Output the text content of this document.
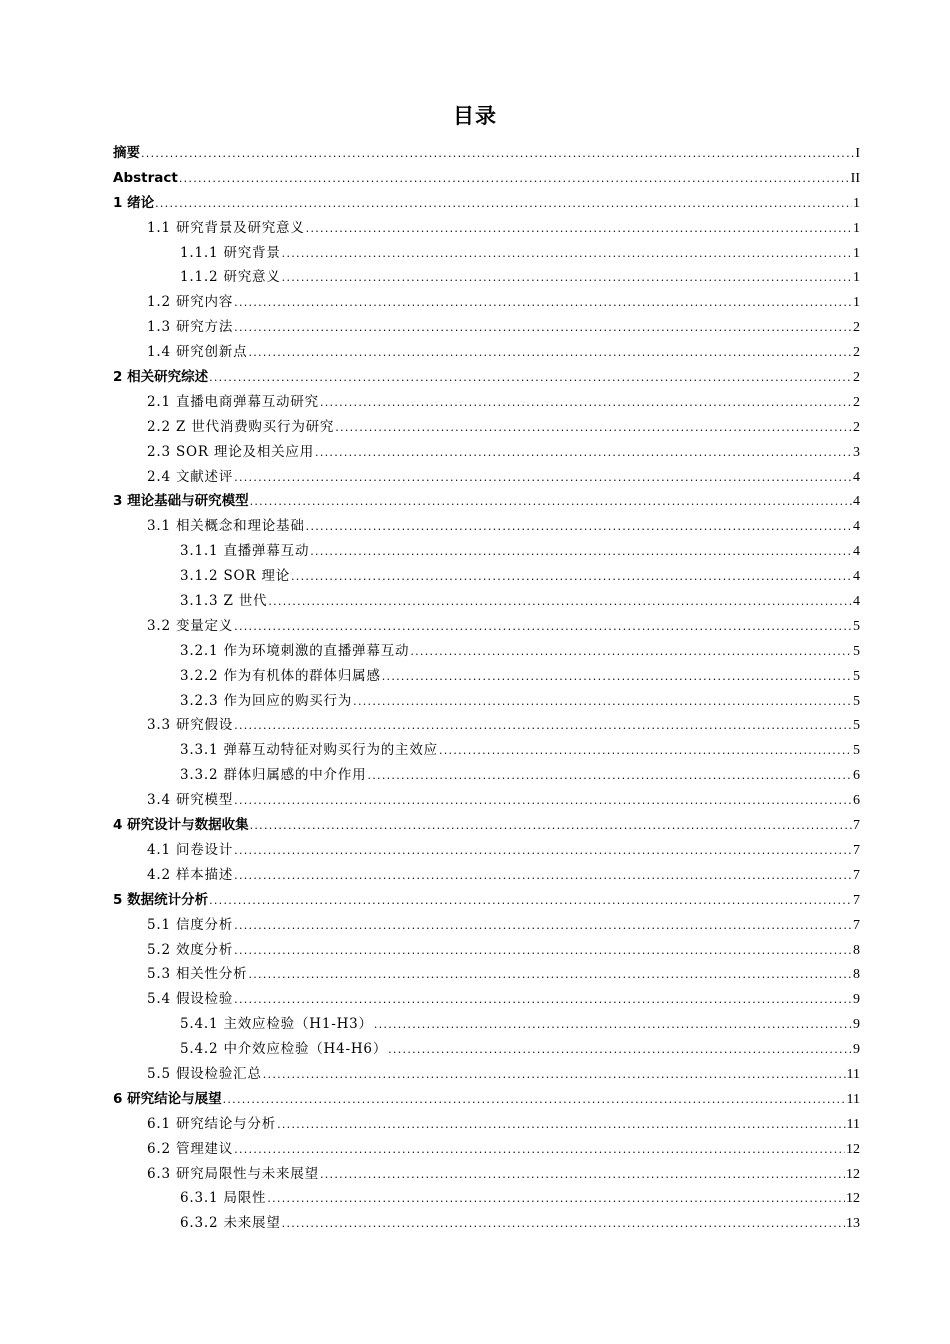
目录
摘要 .....	I
Abstract .....	II
1 绪论 .....	1
1.1 研究背景及研究意义 .....	1
1.1.1 研究背景 .....	1
1.1.2 研究意义 .....	1
1.2 研究内容 .....	1
1.3 研究方法 .....	2
1.4 研究创新点 .....	2
2 相关研究综述 .....	2
2.1 直播电商弹幕互动研究 .....	2
2.2 Z 世代消费购买行为研究 .....	2
2.3 SOR 理论及相关应用 .....	3
2.4 文献述评 .....	4
3 理论基础与研究模型 .....	4
3.1 相关概念和理论基础 .....	4
3.1.1 直播弹幕互动 .....	4
3.1.2 SOR 理论 .....	4
3.1.3 Z 世代 .....	4
3.2 变量定义 .....	5
3.2.1 作为环境刺激的直播弹幕互动 .....	5
3.2.2 作为有机体的群体归属感 .....	5
3.2.3 作为回应的购买行为 .....	5
3.3 研究假设 .....	5
3.3.1 弹幕互动特征对购买行为的主效应 .....	5
3.3.2 群体归属感的中介作用 .....	6
3.4 研究模型 .....	6
4 研究设计与数据收集 .....	7
4.1 问卷设计 .....	7
4.2 样本描述 .....	7
5 数据统计分析 .....	7
5.1 信度分析 .....	7
5.2 效度分析 .....	8
5.3 相关性分析 .....	8
5.4 假设检验 .....	9
5.4.1 主效应检验（H1-H3） .....	9
5.4.2 中介效应检验（H4-H6） .....	9
5.5 假设检验汇总 .....	11
6 研究结论与展望 .....	11
6.1 研究结论与分析 .....	11
6.2 管理建议 .....	12
6.3 研究局限性与未来展望 .....	12
6.3.1 局限性 .....	12
6.3.2 未来展望 .....	13
